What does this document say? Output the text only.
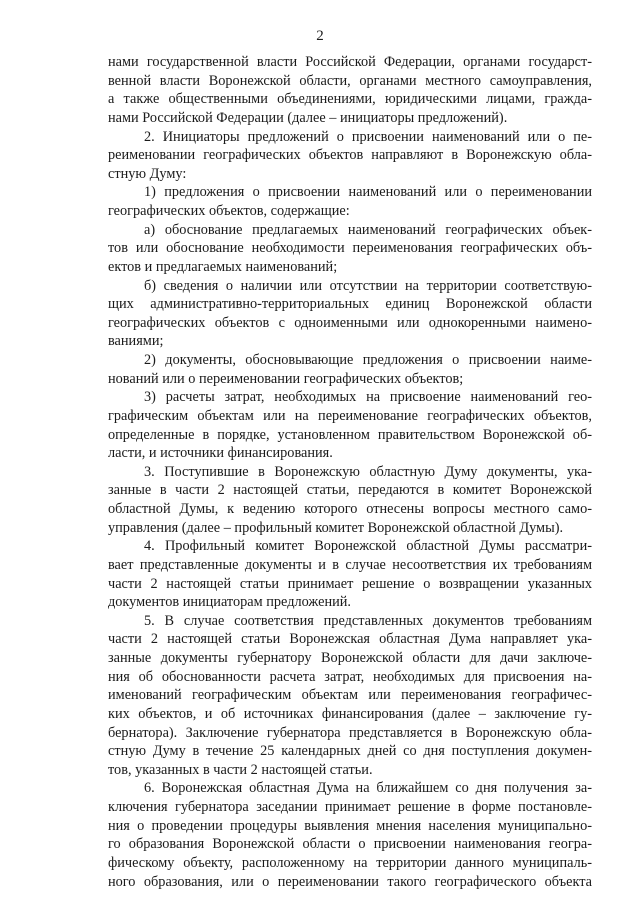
2
нами государственной власти Российской Федерации, органами государст-
венной власти Воронежской области, органами местного самоуправления,
а также общественными объединениями, юридическими лицами, гражда-
нами Российской Федерации (далее – инициаторы предложений).
2. Инициаторы предложений о присвоении наименований или о пе-
реименовании географических объектов направляют в Воронежскую обла-
стную Думу:
1) предложения о присвоении наименований или о переименовании
географических объектов, содержащие:
а) обоснование предлагаемых наименований географических объек-
тов или обоснование необходимости переименования географических объ-
ектов и предлагаемых наименований;
б) сведения о наличии или отсутствии на территории соответствую-
щих административно-территориальных единиц Воронежской области
географических объектов с одноименными или однокоренными наимено-
ваниями;
2) документы, обосновывающие предложения о присвоении наиме-
нований или о переименовании географических объектов;
3) расчеты затрат, необходимых на присвоение наименований гео-
графическим объектам или на переименование географических объектов,
определенные в порядке, установленном правительством Воронежской об-
ласти, и источники финансирования.
3. Поступившие в Воронежскую областную Думу документы, ука-
занные в части 2 настоящей статьи, передаются в комитет Воронежской
областной Думы, к ведению которого отнесены вопросы местного само-
управления (далее – профильный комитет Воронежской областной Думы).
4. Профильный комитет Воронежской областной Думы рассматри-
вает представленные документы и в случае несоответствия их требованиям
части 2 настоящей статьи принимает решение о возвращении указанных
документов инициаторам предложений.
5. В случае соответствия представленных документов требованиям
части 2 настоящей статьи Воронежская областная Дума направляет ука-
занные документы губернатору Воронежской области для дачи заключе-
ния об обоснованности расчета затрат, необходимых для присвоения на-
именований географическим объектам или переименования географичес-
ких объектов, и об источниках финансирования (далее – заключение гу-
бернатора). Заключение губернатора представляется в Воронежскую обла-
стную Думу в течение 25 календарных дней со дня поступления докумен-
тов, указанных в части 2 настоящей статьи.
6. Воронежская областная Дума на ближайшем со дня получения за-
ключения губернатора заседании принимает решение в форме постановле-
ния о проведении процедуры выявления мнения населения муниципально-
го образования Воронежской области о присвоении наименования геогра-
фическому объекту, расположенному на территории данного муниципаль-
ного образования, или о переименовании такого географического объекта
